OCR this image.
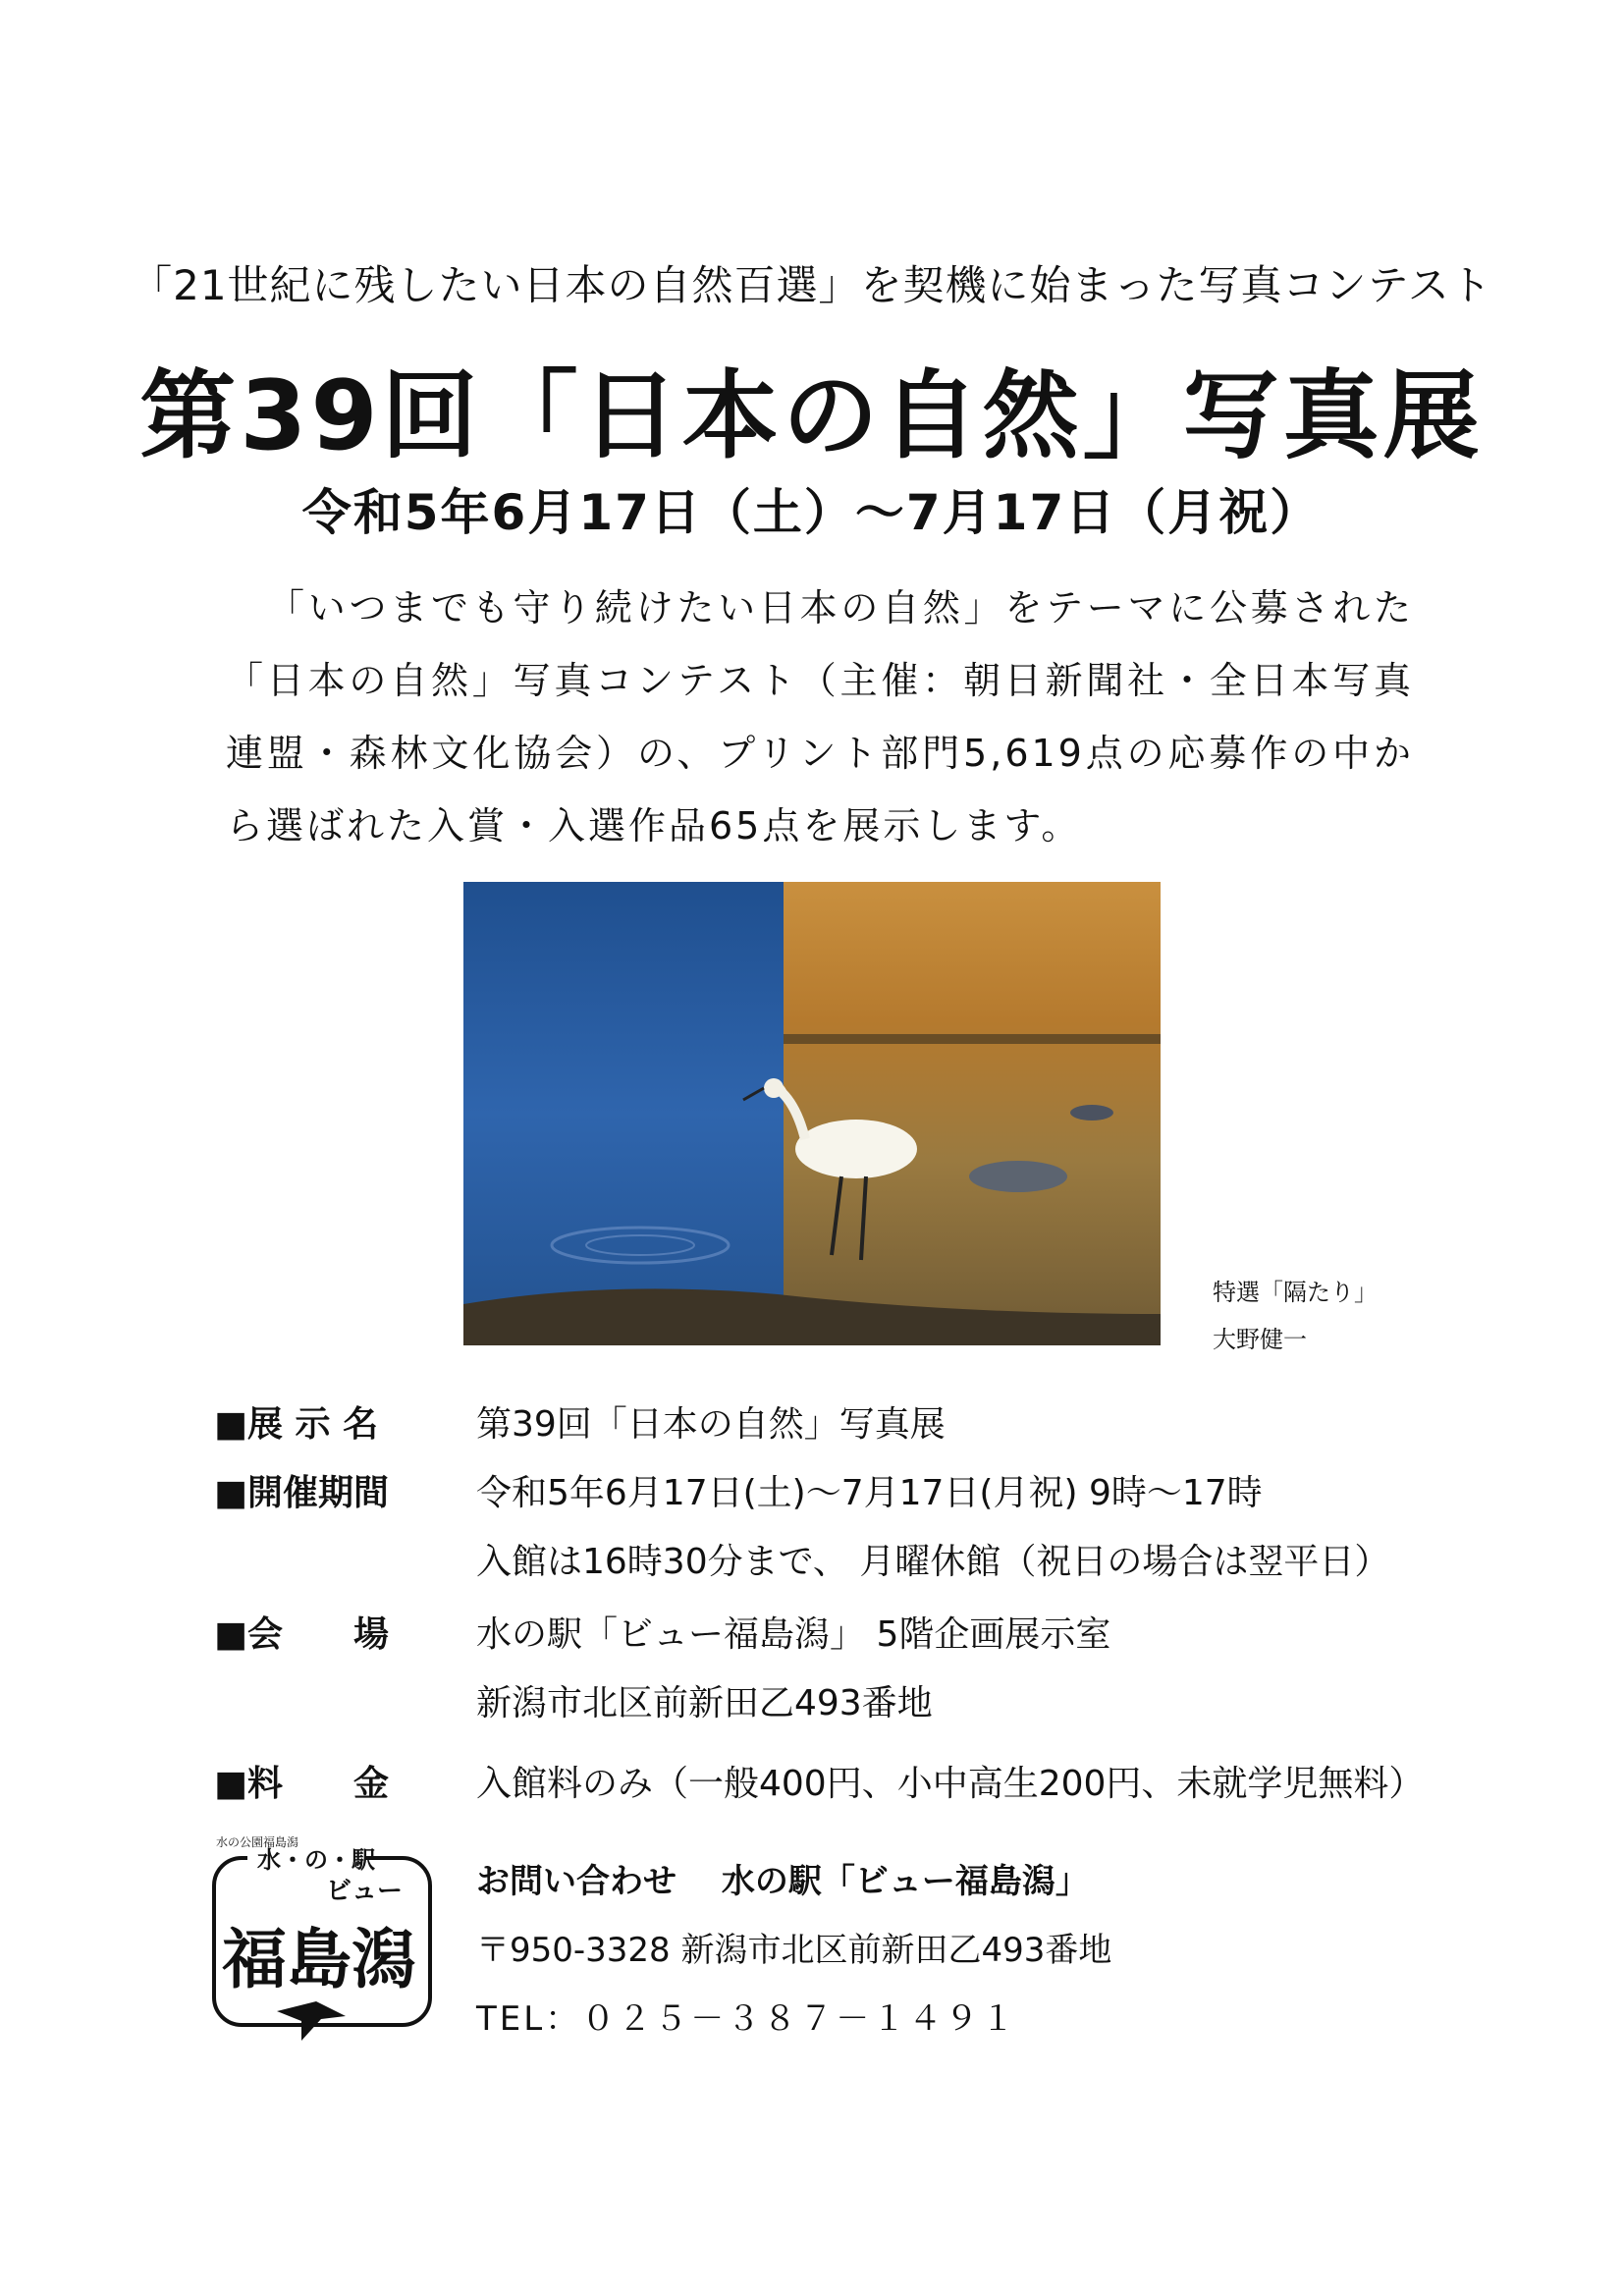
「21世紀に残したい日本の自然百選」を契機に始まった写真コンテスト
第39回「日本の自然」写真展
令和5年6月17日（土）～7月17日（月祝）
「いつまでも守り続けたい日本の自然」をテーマに公募された「日本の自然」写真コンテスト（主催：朝日新聞社・全日本写真連盟・森林文化協会）の、プリント部門5,619点の応募作の中から選ばれた入賞・入選作品65点を展示します。
特選「隔たり」
大野健一
■展 示 名	第39回「日本の自然」写真展
■開催期間 令和5年6月17日(土)～7月17日(月祝) 9時～17時
入館は16時30分まで、 月曜休館（祝日の場合は翌平日）
■会　　場 水の駅「ビュー福島潟」 5階企画展示室
新潟市北区前新田乙493番地
■料　　金 入館料のみ（一般400円、小中高生200円、未就学児無料）
水の公園福島潟
水・の・駅
ビュー
福島潟
お問い合わせ　 水の駅「ビュー福島潟」
〒950-3328 新潟市北区前新田乙493番地
TEL：０２５－３８７－１４９１
